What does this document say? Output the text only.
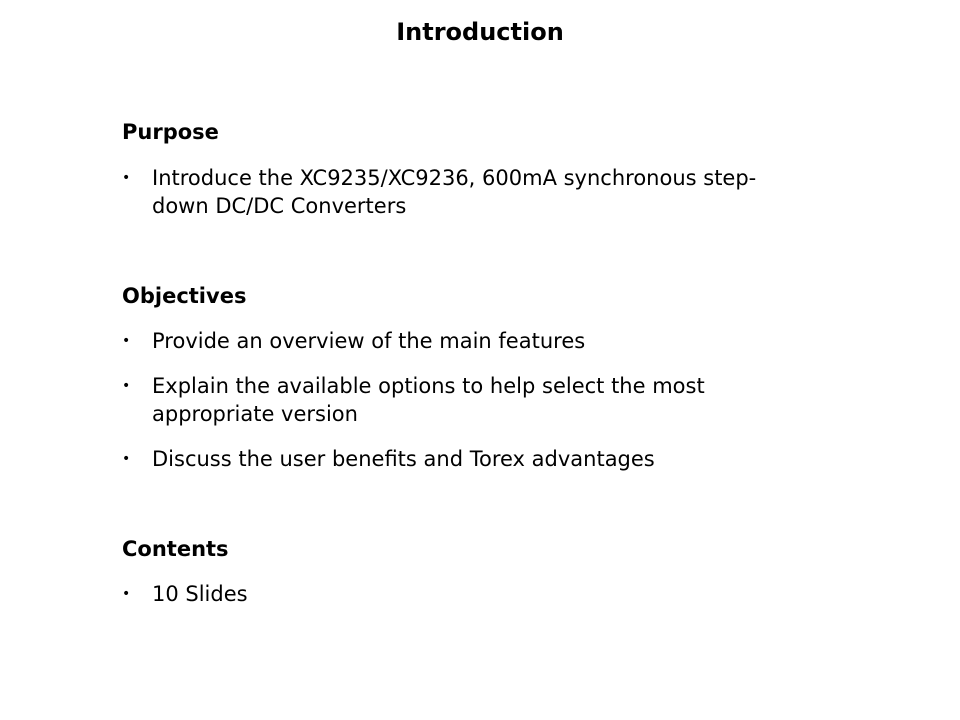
Introduction
Purpose
• Introduce the XC9235/XC9236, 600mA synchronous step-down DC/DC Converters
Objectives
• Provide an overview of the main features
• Explain the available options to help select the most appropriate version
• Discuss the user benefits and Torex advantages
Contents
• 10 Slides
